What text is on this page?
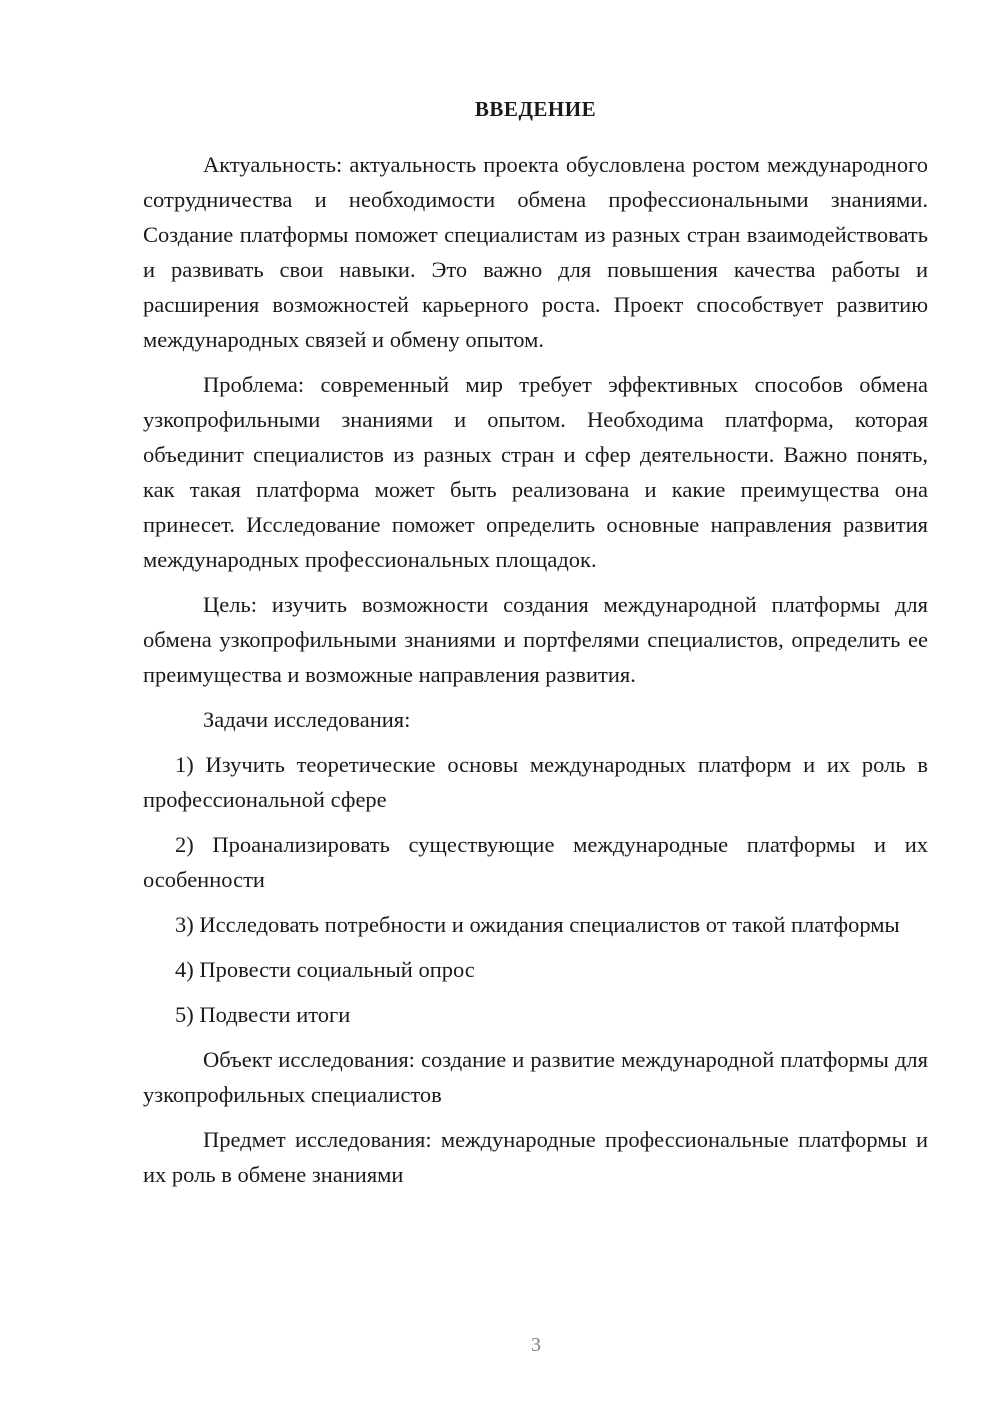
ВВЕДЕНИЕ

Актуальность: актуальность проекта обусловлена ростом международного сотрудничества и необходимости обмена профессиональными знаниями. Создание платформы поможет специалистам из разных стран взаимодействовать и развивать свои навыки. Это важно для повышения качества работы и расширения возможностей карьерного роста. Проект способствует развитию международных связей и обмену опытом.

Проблема: современный мир требует эффективных способов обмена узкопрофильными знаниями и опытом. Необходима платформа, которая объединит специалистов из разных стран и сфер деятельности. Важно понять, как такая платформа может быть реализована и какие преимущества она принесет. Исследование поможет определить основные направления развития международных профессиональных площадок.

Цель: изучить возможности создания международной платформы для обмена узкопрофильными знаниями и портфелями специалистов, определить ее преимущества и возможные направления развития.

Задачи исследования:

1) Изучить теоретические основы международных платформ и их роль в профессиональной сфере

2) Проанализировать существующие международные платформы и их особенности

3) Исследовать потребности и ожидания специалистов от такой платформы

4) Провести социальный опрос

5) Подвести итоги

Объект исследования: создание и развитие международной платформы для узкопрофильных специалистов

Предмет исследования: международные профессиональные платформы и их роль в обмене знаниями

3
